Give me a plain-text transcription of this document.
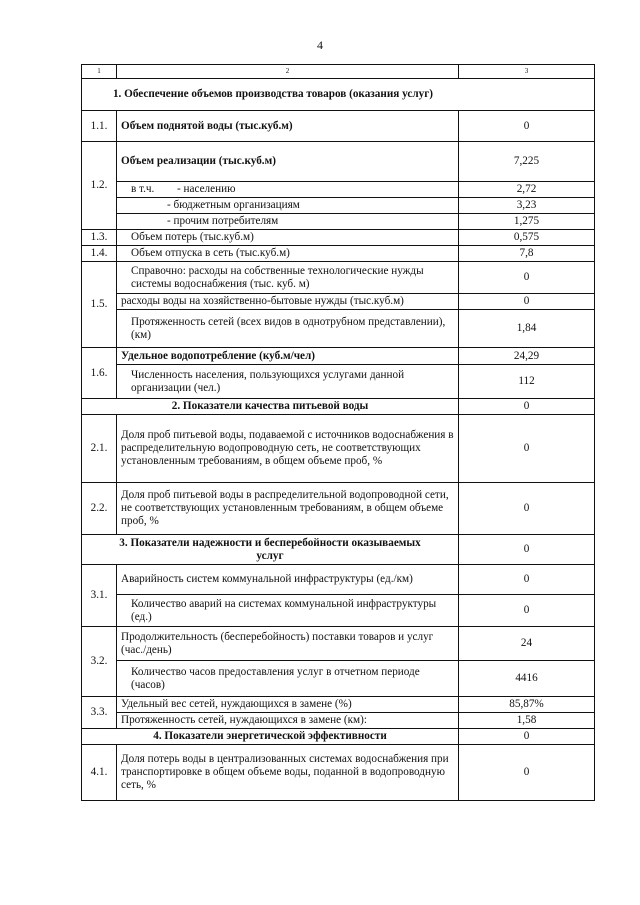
4
1	2	3
1. Обеспечение объемов производства товаров (оказания услуг)		
1.1.	Объем поднятой воды (тыс.куб.м)	0
1.2.	Объем реализации (тыс.куб.м)	7,225
	в т.ч. - населению	2,72
	- бюджетным организациям	3,23
	- прочим потребителям	1,275
1.3.	Объем потерь (тыс.куб.м)	0,575
1.4.	Объем отпуска в сеть (тыс.куб.м)	7,8
1.5.	Справочно: расходы на собственные технологические нужды системы водоснабжения (тыс. куб. м)	0
	расходы воды на хозяйственно-бытовые нужды (тыс.куб.м)	0
	Протяженность сетей (всех видов в однотрубном представлении), (км)	1,84
1.6.	Удельное водопотребление (куб.м/чел)	24,29
	Численность населения, пользующихся услугами данной организации (чел.)	112
2. Показатели качества питьевой воды		0
2.1.	Доля проб питьевой воды, подаваемой с источников водоснабжения в распределительную водопроводную сеть, не соответствующих установленным требованиям, в общем объеме проб, %	0
2.2.	Доля проб питьевой воды в распределительной водопроводной сети, не соответствующих установленным требованиям, в общем объеме проб, %	0
3. Показатели надежности и бесперебойности оказываемых услуг		0
3.1.	Аварийность систем коммунальной инфраструктуры (ед./км)	0
	Количество аварий на системах коммунальной инфраструктуры (ед.)	0
3.2.	Продолжительность (бесперебойность) поставки товаров и услуг (час./день)	24
	Количество часов предоставления услуг в отчетном периоде (часов)	4416
3.3.	Удельный вес сетей, нуждающихся в замене (%)	85,87%
	Протяженность сетей, нуждающихся в замене (км):	1,58
4. Показатели энергетической эффективности		0
4.1.	Доля потерь воды в централизованных системах водоснабжения при транспортировке в общем объеме воды, поданной в водопроводную сеть, %	0
